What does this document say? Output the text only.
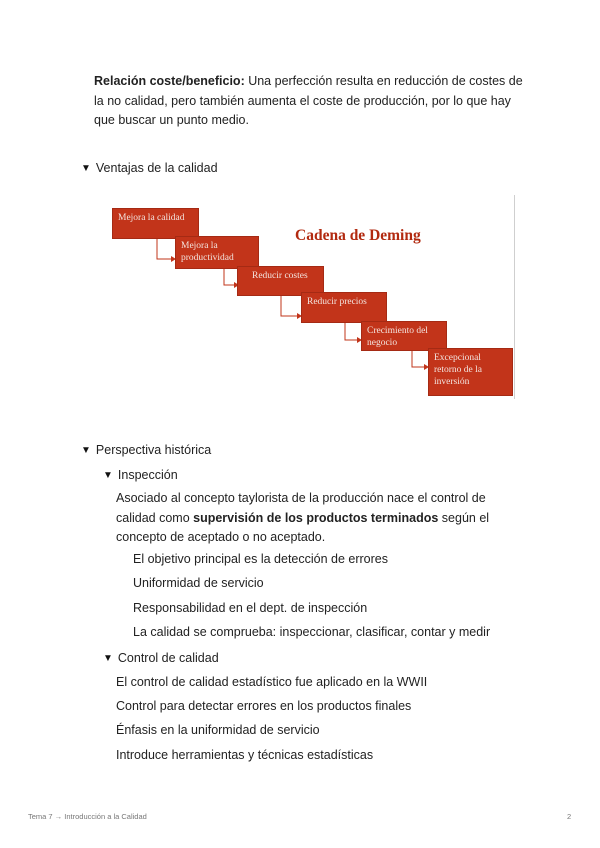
Relación coste/beneficio: Una perfección resulta en reducción de costes de la no calidad, pero también aumenta el coste de producción, por lo que hay que buscar un punto medio.

▼ Ventajas de la calidad
Mejora la calidad
Mejora la productividad
Reducir costes
Reducir precios
Crecimiento del negocio
Excepcional retorno de la inversión
Cadena de Deming
▼ Perspectiva histórica
▼ Inspección

Asociado al concepto taylorista de la producción nace el control de calidad como supervisión de los productos terminados según el concepto de aceptado o no aceptado.

El objetivo principal es la detección de errores
Uniformidad de servicio
Responsabilidad en el dept. de inspección
La calidad se comprueba: inspeccionar, clasificar, contar y medir
▼ Control de calidad
El control de calidad estadístico fue aplicado en la WWII
Control para detectar errores en los productos finales
Énfasis en la uniformidad de servicio
Introduce herramientas y técnicas estadísticas
Tema 7 → Introducción a la Calidad	2
